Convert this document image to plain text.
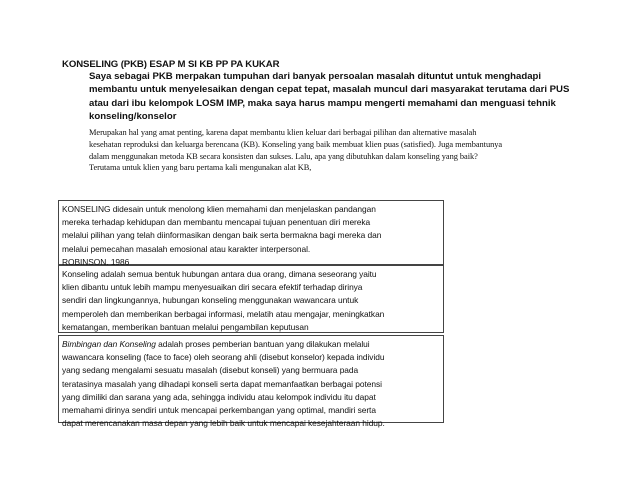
KONSELING (PKB) ESAP M SI KB PP PA KUKAR
Saya sebagai PKB merpakan tumpuhan dari banyak persoalan masalah dituntut untuk menghadapi
membantu untuk menyelesaikan dengan cepat tepat, masalah muncul dari masyarakat terutama dari PUS
atau dari ibu kelompok LOSM IMP, maka saya harus mampu mengerti memahami dan menguasi tehnik
konseling/konselor
Merupakan hal yang amat penting, karena dapat membantu klien keluar dari berbagai pilihan dan alternative masalah
kesehatan reproduksi dan keluarga berencana (KB). Konseling yang baik membuat klien puas (satisfied). Juga membantunya
dalam menggunakan metoda KB secara konsisten dan sukses. Lalu, apa yang dibutuhkan dalam konseling yang baik?
Terutama untuk klien yang baru pertama kali mengunakan alat KB,
KONSELING didesain untuk menolong klien memahami dan menjelaskan pandangan
mereka terhadap kehidupan dan membantu mencapai tujuan penentuan diri mereka
melalui pilihan yang telah diinformasikan dengan baik serta bermakna bagi mereka dan
melalui pemecahan masalah emosional atau karakter interpersonal.
ROBINSON, 1986
Konseling adalah semua bentuk hubungan antara dua orang, dimana seseorang yaitu
klien dibantu untuk lebih mampu menyesuaikan diri secara efektif terhadap dirinya
sendiri dan lingkungannya, hubungan konseling menggunakan wawancara untuk
memperoleh dan memberikan berbagai informasi, melatih atau mengajar, meningkatkan
kematangan, memberikan bantuan melalui pengambilan keputusan
Bimbingan dan Konseling adalah proses pemberian bantuan yang dilakukan melalui
wawancara konseling (face to face) oleh seorang ahli (disebut konselor) kepada individu
yang sedang mengalami sesuatu masalah (disebut konseli) yang bermuara pada
teratasinya masalah yang dihadapi konseli serta dapat memanfaatkan berbagai potensi
yang dimiliki dan sarana yang ada, sehingga individu atau kelompok individu itu dapat
memahami dirinya sendiri untuk mencapai perkembangan yang optimal, mandiri serta
dapat merencanakan masa depan yang lebih baik untuk mencapai kesejahteraan hidup.
